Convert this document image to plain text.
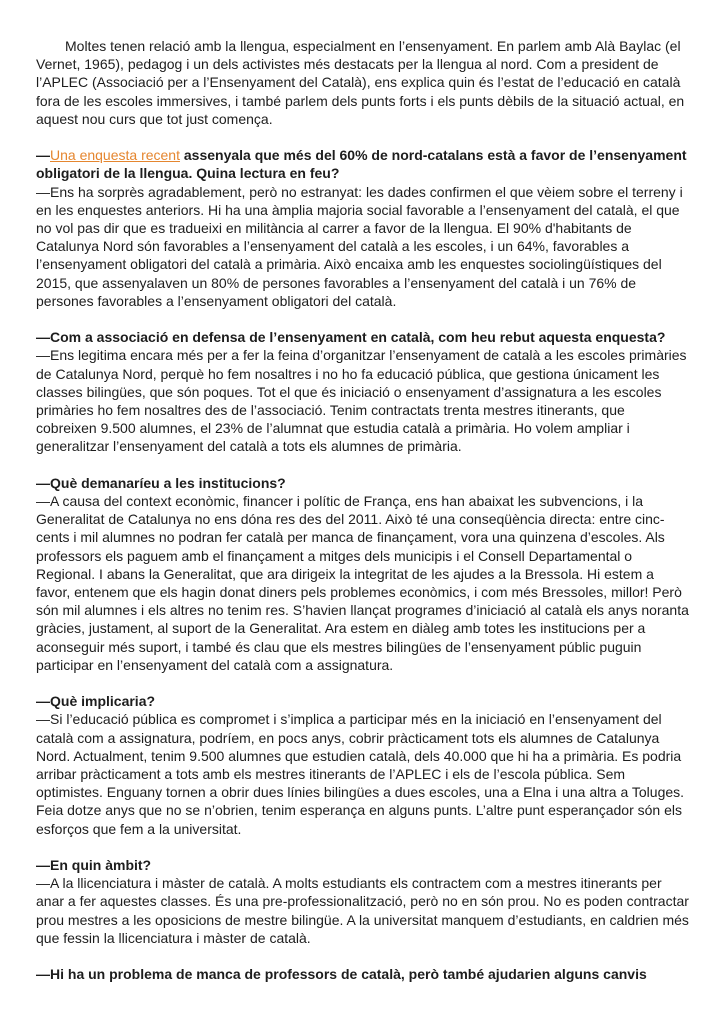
Moltes tenen relació amb la llengua, especialment en l’ensenyament. En parlem amb Alà Baylac (el Vernet, 1965), pedagog i un dels activistes més destacats per la llengua al nord. Com a president de l’APLEC (Associació per a l’Ensenyament del Català), ens explica quin és l’estat de l’educació en català fora de les escoles immersives, i també parlem dels punts forts i els punts dèbils de la situació actual, en aquest nou curs que tot just comença.

—Una enquesta recent assenyala que més del 60% de nord-catalans està a favor de l’ensenyament obligatori de la llengua. Quina lectura en feu?

—Ens ha sorprès agradablement, però no estranyat: les dades confirmen el que vèiem sobre el terreny i en les enquestes anteriors. Hi ha una àmplia majoria social favorable a l’ensenyament del català, el que no vol pas dir que es tradueixi en militància al carrer a favor de la llengua. El 90% d'habitants de Catalunya Nord són favorables a l’ensenyament del català a les escoles, i un 64%, favorables a l’ensenyament obligatori del català a primària. Això encaixa amb les enquestes sociolingüístiques del 2015, que assenyalaven un 80% de persones favorables a l’ensenyament del català i un 76% de persones favorables a l’ensenyament obligatori del català.

—Com a associació en defensa de l’ensenyament en català, com heu rebut aquesta enquesta?

—Ens legitima encara més per a fer la feina d’organitzar l’ensenyament de català a les escoles primàries de Catalunya Nord, perquè ho fem nosaltres i no ho fa educació pública, que gestiona únicament les classes bilingües, que són poques. Tot el que és iniciació o ensenyament d’assignatura a les escoles primàries ho fem nosaltres des de l’associació. Tenim contractats trenta mestres itinerants, que cobreixen 9.500 alumnes, el 23% de l’alumnat que estudia català a primària. Ho volem ampliar i generalitzar l’ensenyament del català a tots els alumnes de primària.

—Què demanaríeu a les institucions?

—A causa del context econòmic, financer i polític de França, ens han abaixat les subvencions, i la Generalitat de Catalunya no ens dóna res des del 2011. Això té una conseqüència directa: entre cinc-cents i mil alumnes no podran fer català per manca de finançament, vora una quinzena d’escoles. Als professors els paguem amb el finançament a mitges dels municipis i el Consell Departamental o Regional. I abans la Generalitat, que ara dirigeix la integritat de les ajudes a la Bressola. Hi estem a favor, entenem que els hagin donat diners pels problemes econòmics, i com més Bressoles, millor! Però són mil alumnes i els altres no tenim res. S’havien llançat programes d’iniciació al català els anys noranta gràcies, justament, al suport de la Generalitat. Ara estem en diàleg amb totes les institucions per a aconseguir més suport, i també és clau que els mestres bilingües de l’ensenyament públic puguin participar en l’ensenyament del català com a assignatura.

—Què implicaria?

—Si l’educació pública es compromet i s’implica a participar més en la iniciació en l’ensenyament del català com a assignatura, podríem, en pocs anys, cobrir pràcticament tots els alumnes de Catalunya Nord. Actualment, tenim 9.500 alumnes que estudien català, dels 40.000 que hi ha a primària. Es podria arribar pràcticament a tots amb els mestres itinerants de l’APLEC i els de l’escola pública. Sem optimistes. Enguany tornen a obrir dues línies bilingües a dues escoles, una a Elna i una altra a Toluges. Feia dotze anys que no se n’obrien, tenim esperança en alguns punts. L’altre punt esperançador són els esforços que fem a la universitat.

—En quin àmbit?

—A la llicenciatura i màster de català. A molts estudiants els contractem com a mestres itinerants per anar a fer aquestes classes. És una pre-professionalització, però no en són prou. No es poden contractar prou mestres a les oposicions de mestre bilingüe. A la universitat manquem d’estudiants, en caldrien més que fessin la llicenciatura i màster de català.

—Hi ha un problema de manca de professors de català, però també ajudarien alguns canvis
